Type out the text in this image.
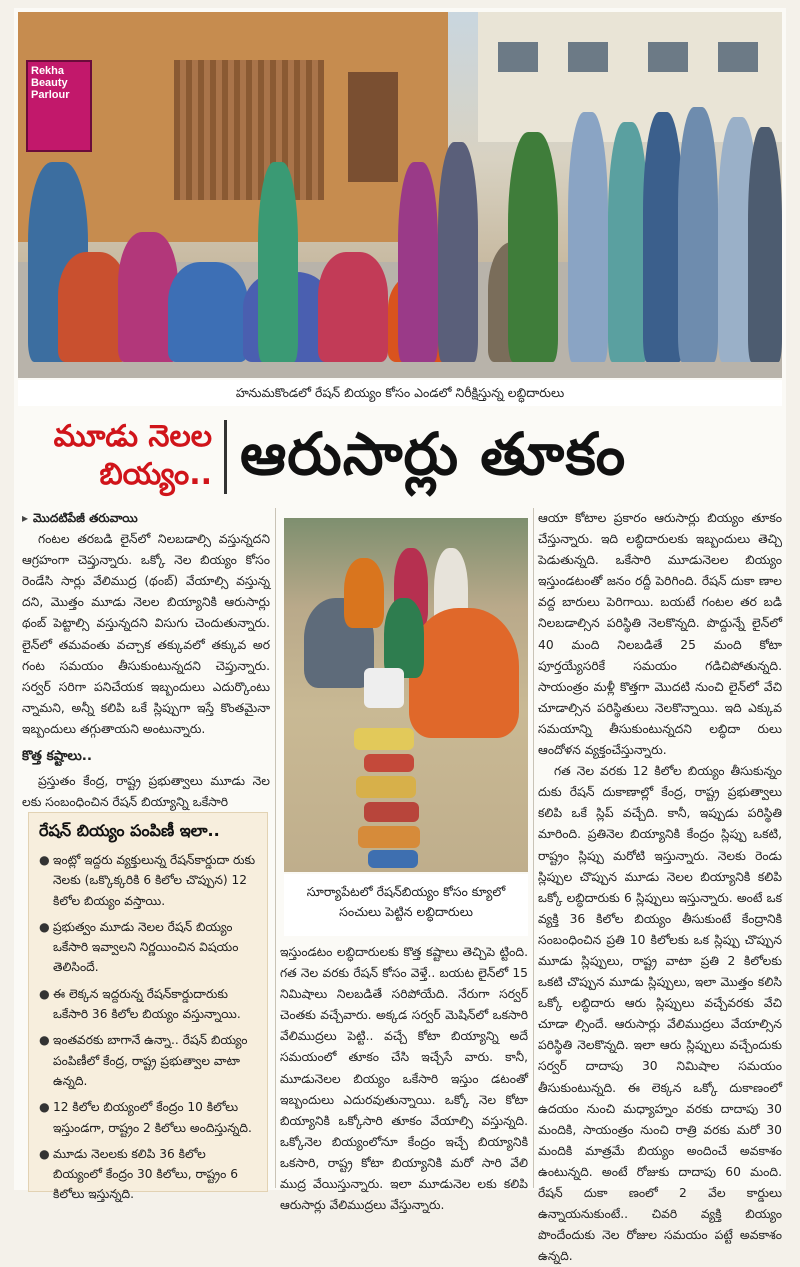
Rekha Beauty Parlour
హనుమకొండలో రేషన్ బియ్యం కోసం ఎండలో నిరీక్షిస్తున్న లబ్ధిదారులు
మూడు నెలల
బియ్యం.. ఆరుసార్లు తూకం
▸ మొదటిపేజీ తరువాయి

గంటల తరబడి లైన్‌లో నిలబడాల్సి వస్తున్నదని ఆగ్రహంగా చెప్తున్నారు. ఒక్కో నెల బియ్యం కోసం రెండేసి సార్లు వేలిముద్ర (థంబ్) వేయాల్సి వస్తున్న దని, మొత్తం మూడు నెలల బియ్యానికి ఆరుసార్లు థంబ్ పెట్టాల్సి వస్తున్నదని విసుగు చెందుతున్నారు. లైన్‌లో తమవంతు వచ్చాక తక్కువలో తక్కువ అర గంట సమయం తీసుకుంటున్నదని చెప్తున్నారు. సర్వర్ సరిగా పనిచేయక ఇబ్బందులు ఎదుర్కొంటు న్నామని, అన్నీ కలిపి ఒకే స్లిప్పుగా ఇస్తే కొంతమైనా ఇబ్బందులు తగ్గుతాయని అంటున్నారు.

కొత్త కష్టాలు..

ప్రస్తుతం కేంద్ర, రాష్ట్ర ప్రభుత్వాలు మూడు నెల లకు సంబంధించిన రేషన్ బియ్యాన్ని ఒకేసారి

రేషన్ బియ్యం పంపిణీ ఇలా..
● ఇంట్లో ఇద్దరు వ్యక్తులున్న రేషన్‌కార్డుదా రుకు నెలకు (ఒక్కొక్కరికి 6 కిలోల చొప్పున) 12 కిలోల బియ్యం వస్తాయి.
● ప్రభుత్వం మూడు నెలల రేషన్ బియ్యం ఒకేసారి ఇవ్వాలని నిర్ణయించిన విషయం తెలిసిందే.
● ఈ లెక్కన ఇద్దరున్న రేషన్‌కార్డుదారుకు ఒకేసారి 36 కిలోల బియ్యం వస్తున్నాయి.
● ఇంతవరకు బాగానే ఉన్నా.. రేషన్ బియ్యం పంపిణీలో కేంద్ర, రాష్ట్ర ప్రభుత్వాల వాటా ఉన్నది.
● 12 కిలోల బియ్యంలో కేంద్రం 10 కిలోలు ఇస్తుండగా, రాష్ట్రం 2 కిలోలు అందిస్తున్నది.
● మూడు నెలలకు కలిపి 36 కిలోల బియ్యంలో కేంద్రం 30 కిలోలు, రాష్ట్రం 6 కిలోలు ఇస్తున్నది.
సూర్యాపేటలో రేషన్‌బియ్యం కోసం క్యూలో సంచులు పెట్టిన లబ్ధిదారులు

ఇస్తుండటం లబ్ధిదారులకు కొత్త కష్టాలు తెచ్చిపె ట్టింది. గత నెల వరకు రేషన్ కోసం వెళ్తే.. బయట లైన్‌లో 15 నిమిషాలు నిలబడితే సరిపోయేది. నేరుగా సర్వర్ చెంతకు వచ్చేవారు. అక్కడ సర్వర్ మెషిన్‌లో ఒకసారి వేలిముద్రలు పెట్టి.. వచ్చే కోటా బియ్యాన్ని అదే సమయంలో తూకం చేసి ఇచ్చేసే వారు. కానీ, మూడునెలల బియ్యం ఒకేసారి ఇస్తుం డటంతో ఇబ్బందులు ఎదురవుతున్నాయి. ఒక్కో నెల కోటా బియ్యానికి ఒక్కోసారి తూకం వేయాల్సి వస్తున్నది. ఒక్కోనెల బియ్యంలోనూ కేంద్రం ఇచ్చే బియ్యానికి ఒకసారి, రాష్ట్ర కోటా బియ్యానికి మరో సారి వేలి ముద్ర వేయిస్తున్నారు. ఇలా మూడునెల లకు కలిపి ఆరుసార్లు వేలిముద్రలు వేస్తున్నారు.

ఆయా కోటాల ప్రకారం ఆరుసార్లు బియ్యం తూకం చేస్తున్నారు. ఇది లబ్ధిదారులకు ఇబ్బందులు తెచ్చి పెడుతున్నది. ఒకేసారి మూడునెలల బియ్యం ఇస్తుండటంతో జనం రద్దీ పెరిగింది. రేషన్ దుకా ణాల వద్ద బారులు పెరిగాయి. బయటే గంటల తర బడి నిలబడాల్సిన పరిస్థితి నెలకొన్నది. పొద్దున్నే లైన్‌లో 40 మంది నిలబడితే 25 మంది కోటా పూర్తయ్యేసరికే సమయం గడిచిపోతున్నది. సాయంత్రం మళ్లీ కొత్తగా మొదటి నుంచి లైన్‌లో వేచి చూడాల్సిన పరిస్థితులు నెలకొన్నాయి. ఇది ఎక్కువ సమయాన్ని తీసుకుంటున్నదని లబ్ధిదా రులు ఆందోళన వ్యక్తంచేస్తున్నారు.

గత నెల వరకు 12 కిలోల బియ్యం తీసుకున్నం దుకు రేషన్ దుకాణాల్లో కేంద్ర, రాష్ట్ర ప్రభుత్వాలు కలిపి ఒకే స్లిప్ వచ్చేది. కానీ, ఇప్పుడు పరిస్థితి మారింది. ప్రతినెల బియ్యానికి కేంద్రం స్లిప్పు ఒకటి, రాష్ట్రం స్లిప్పు మరోటి ఇస్తున్నారు. నెలకు రెండు స్లిప్పుల చొప్పున మూడు నెలల బియ్యానికి కలిపి ఒక్కో లబ్ధిదారుకు 6 స్లిప్పులు ఇస్తున్నారు. అంటే ఒక వ్యక్తి 36 కిలోల బియ్యం తీసుకుంటే కేంద్రానికి సంబంధించిన ప్రతి 10 కిలోలకు ఒక స్లిప్పు చొప్పున మూడు స్లిప్పులు, రాష్ట్ర వాటా ప్రతి 2 కిలోలకు ఒకటి చొప్పున మూడు స్లిప్పులు, ఇలా మొత్తం కలిసి ఒక్కో లబ్ధిదారు ఆరు స్లిప్పులు వచ్చేవరకు వేచి చూడా ల్సిందే. ఆరుసార్లు వేలిముద్రలు వేయాల్సిన పరిస్థితి నెలకొన్నది. ఇలా ఆరు స్లిప్పులు వచ్చేందుకు సర్వర్ దాదాపు 30 నిమిషాల సమయం తీసుకుంటున్నది. ఈ లెక్కన ఒక్కో దుకాణంలో ఉదయం నుంచి మధ్యాహ్నం వరకు దాదాపు 30 మందికి, సాయంత్రం నుంచి రాత్రి వరకు మరో 30 మందికి మాత్రమే బియ్యం అందించే అవకాశం ఉంటున్నది. అంటే రోజుకు దాదాపు 60 మంది. రేషన్ దుకా ణంలో 2 వేల కార్డులు ఉన్నాయనుకుంటే.. చివరి వ్యక్తి బియ్యం పొందేందుకు నెల రోజుల సమయం పట్టే అవకాశం ఉన్నది.
